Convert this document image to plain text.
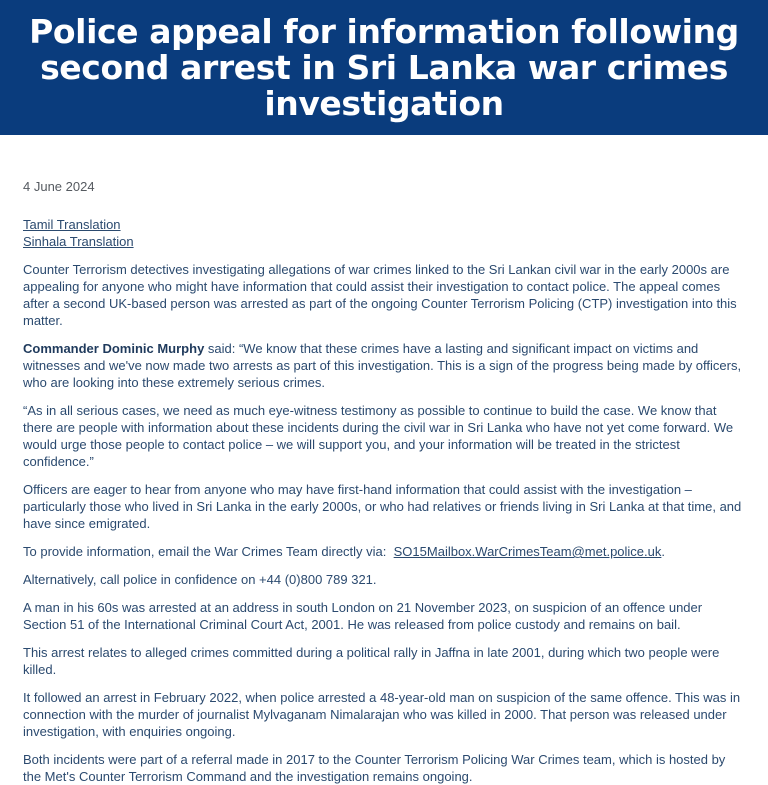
Police appeal for information following second arrest in Sri Lanka war crimes investigation
4 June 2024
Tamil Translation
Sinhala Translation

Counter Terrorism detectives investigating allegations of war crimes linked to the Sri Lankan civil war in the early 2000s are appealing for anyone who might have information that could assist their investigation to contact police. The appeal comes after a second UK-based person was arrested as part of the ongoing Counter Terrorism Policing (CTP) investigation into this matter.

Commander Dominic Murphy said: “We know that these crimes have a lasting and significant impact on victims and witnesses and we've now made two arrests as part of this investigation. This is a sign of the progress being made by officers, who are looking into these extremely serious crimes.

“As in all serious cases, we need as much eye-witness testimony as possible to continue to build the case. We know that there are people with information about these incidents during the civil war in Sri Lanka who have not yet come forward. We would urge those people to contact police – we will support you, and your information will be treated in the strictest confidence.”

Officers are eager to hear from anyone who may have first-hand information that could assist with the investigation – particularly those who lived in Sri Lanka in the early 2000s, or who had relatives or friends living in Sri Lanka at that time, and have since emigrated.

To provide information, email the War Crimes Team directly via:  SO15Mailbox.WarCrimesTeam@met.police.uk.

Alternatively, call police in confidence on +44 (0)800 789 321.

A man in his 60s was arrested at an address in south London on 21 November 2023, on suspicion of an offence under Section 51 of the International Criminal Court Act, 2001. He was released from police custody and remains on bail.

This arrest relates to alleged crimes committed during a political rally in Jaffna in late 2001, during which two people were killed.

It followed an arrest in February 2022, when police arrested a 48-year-old man on suspicion of the same offence. This was in connection with the murder of journalist Mylvaganam Nimalarajan who was killed in 2000. That person was released under investigation, with enquiries ongoing.

Both incidents were part of a referral made in 2017 to the Counter Terrorism Policing War Crimes team, which is hosted by the Met's Counter Terrorism Command and the investigation remains ongoing.
